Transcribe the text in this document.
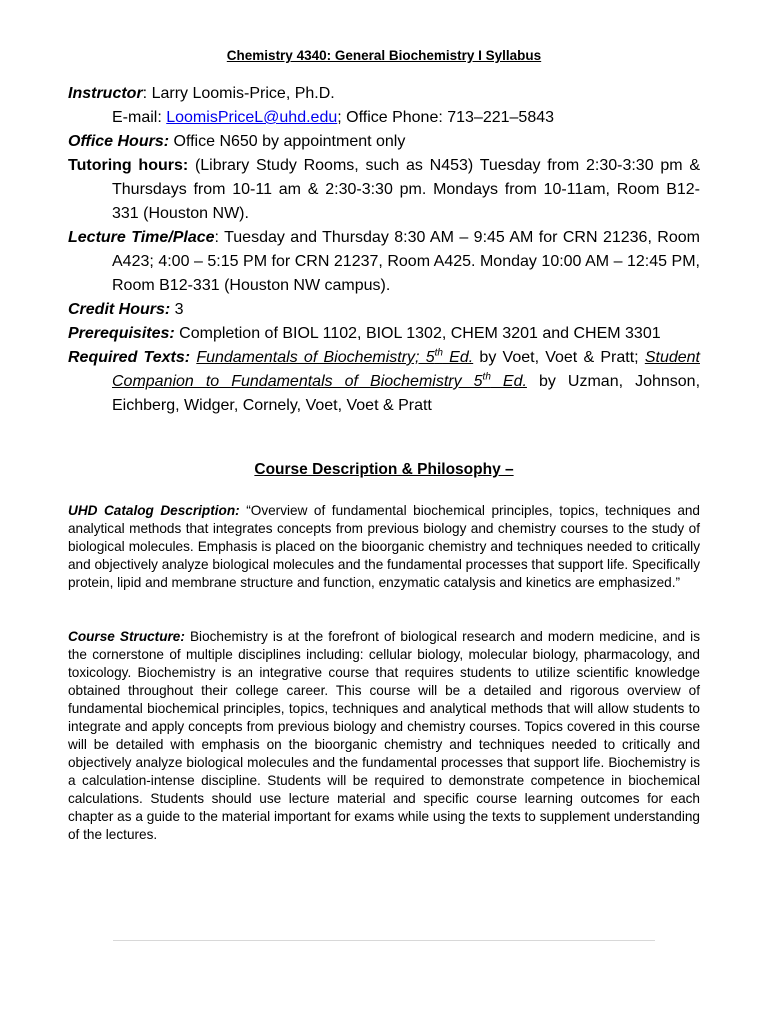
Chemistry 4340: General Biochemistry I Syllabus
Instructor: Larry Loomis-Price, Ph.D.
E-mail: LoomisPriceL@uhd.edu; Office Phone: 713–221–5843
Office Hours: Office N650 by appointment only
Tutoring hours: (Library Study Rooms, such as N453) Tuesday from 2:30-3:30 pm & Thursdays from 10-11 am & 2:30-3:30 pm. Mondays from 10-11am, Room B12-331 (Houston NW).
Lecture Time/Place: Tuesday and Thursday 8:30 AM – 9:45 AM for CRN 21236, Room A423; 4:00 – 5:15 PM for CRN 21237, Room A425. Monday 10:00 AM – 12:45 PM, Room B12-331 (Houston NW campus).
Credit Hours: 3
Prerequisites: Completion of BIOL 1102, BIOL 1302, CHEM 3201 and CHEM 3301
Required Texts: Fundamentals of Biochemistry; 5th Ed. by Voet, Voet & Pratt; Student Companion to Fundamentals of Biochemistry 5th Ed. by Uzman, Johnson, Eichberg, Widger, Cornely, Voet, Voet & Pratt
Course Description & Philosophy –
UHD Catalog Description: “Overview of fundamental biochemical principles, topics, techniques and analytical methods that integrates concepts from previous biology and chemistry courses to the study of biological molecules. Emphasis is placed on the bioorganic chemistry and techniques needed to critically and objectively analyze biological molecules and the fundamental processes that support life. Specifically protein, lipid and membrane structure and function, enzymatic catalysis and kinetics are emphasized.”
Course Structure: Biochemistry is at the forefront of biological research and modern medicine, and is the cornerstone of multiple disciplines including: cellular biology, molecular biology, pharmacology, and toxicology. Biochemistry is an integrative course that requires students to utilize scientific knowledge obtained throughout their college career. This course will be a detailed and rigorous overview of fundamental biochemical principles, topics, techniques and analytical methods that will allow students to integrate and apply concepts from previous biology and chemistry courses. Topics covered in this course will be detailed with emphasis on the bioorganic chemistry and techniques needed to critically and objectively analyze biological molecules and the fundamental processes that support life. Biochemistry is a calculation-intense discipline. Students will be required to demonstrate competence in biochemical calculations. Students should use lecture material and specific course learning outcomes for each chapter as a guide to the material important for exams while using the texts to supplement understanding of the lectures.
